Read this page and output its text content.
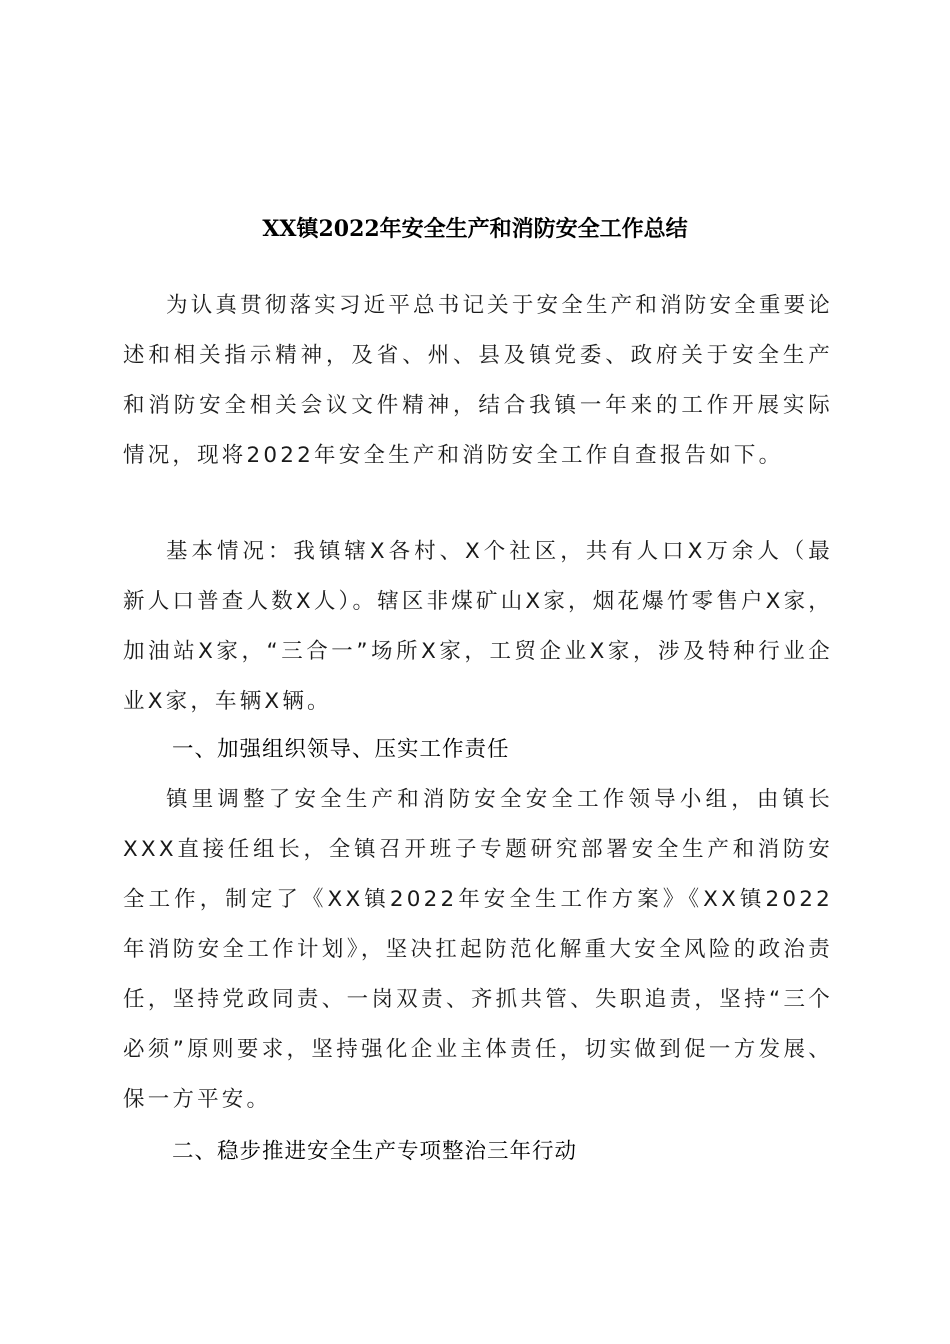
XX镇2022年安全生产和消防安全工作总结

为认真贯彻落实习近平总书记关于安全生产和消防安全重要论述和相关指示精神，及省、州、县及镇党委、政府关于安全生产和消防安全相关会议文件精神，结合我镇一年来的工作开展实际情况，现将2022年安全生产和消防安全工作自查报告如下。

基本情况：我镇辖X各村、X个社区，共有人口X万余人（最新人口普查人数X人）。辖区非煤矿山X家，烟花爆竹零售户X家，加油站X家，“三合一”场所X家，工贸企业X家，涉及特种行业企业X家，车辆X辆。

一、加强组织领导、压实工作责任

镇里调整了安全生产和消防安全安全工作领导小组，由镇长XXX直接任组长，全镇召开班子专题研究部署安全生产和消防安全工作，制定了《XX镇2022年安全生工作方案》《XX镇2022年消防安全工作计划》，坚决扛起防范化解重大安全风险的政治责任，坚持党政同责、一岗双责、齐抓共管、失职追责，坚持“三个必须”原则要求，坚持强化企业主体责任，切实做到促一方发展、保一方平安。

二、稳步推进安全生产专项整治三年行动
